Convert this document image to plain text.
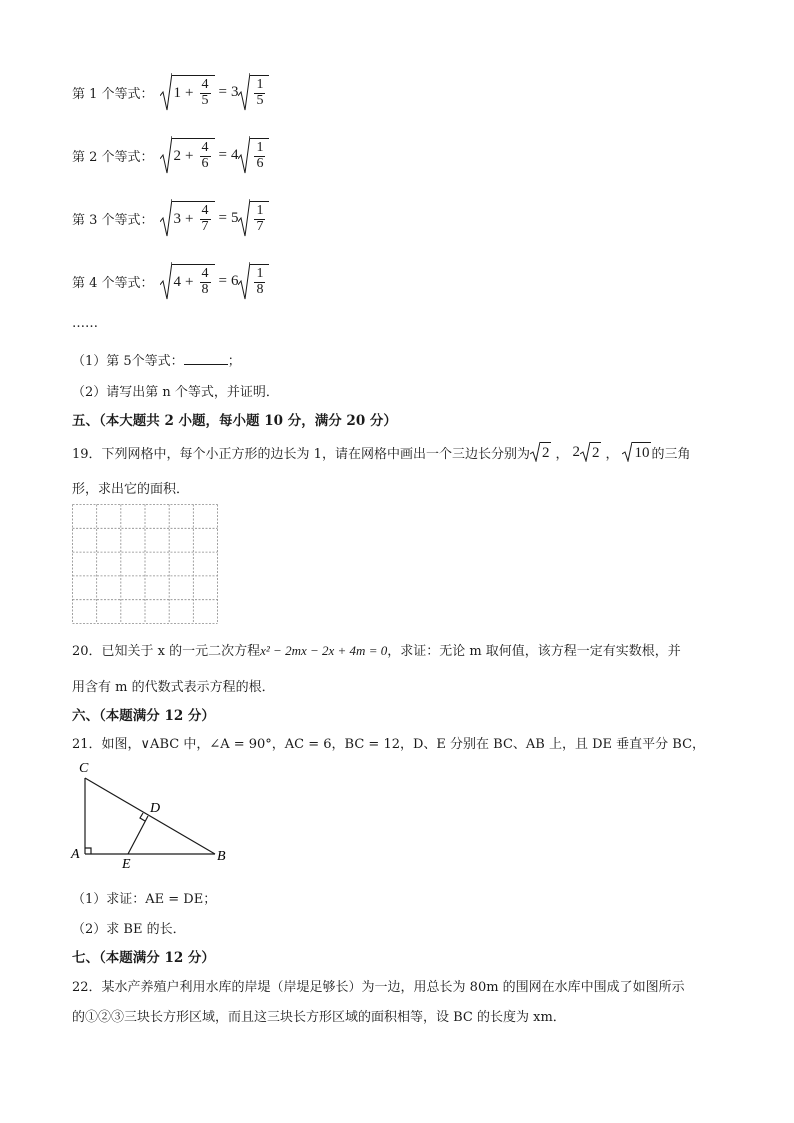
第 1 个等式： $1 + \frac{4}{5} = 3 \frac{1}{5}$
第 2 个等式： $2 + \frac{4}{6} = 4 \frac{1}{6}$
第 3 个等式： $3 + \frac{4}{7} = 5 \frac{1}{7}$
第 4 个等式： $4 + \frac{4}{8} = 6 \frac{1}{8}$
……
（1）第 5个等式：	；
（2）请写出第 n 个等式，并证明．
五、（本大题共 2 小题，每小题 10 分，满分 20 分）
19．下列网格中，每个小正方形的边长为 1，请在网格中画出一个三边长分别为 2 ， 2 2 ， 10 的三角
形，求出它的面积．
20．已知关于 x 的一元二次方程x² − 2mx − 2x + 4m = 0，求证：无论 m 取何值，该方程一定有实数根，并
用含有 m 的代数式表示方程的根．
六、（本题满分 12 分）
21．如图，∨ABC 中，∠A = 90°，AC = 6，BC = 12，D、E 分别在 BC、AB 上，且 DE 垂直平分 BC，
C
D
A
E
B
（1）求证：AE = DE；
（2）求 BE 的长．
七、（本题满分 12 分）
22．某水产养殖户利用水库的岸堤（岸堤足够长）为一边，用总长为 80m 的围网在水库中围成了如图所示
的①②③三块长方形区域，而且这三块长方形区域的面积相等，设 BC 的长度为 xm．
